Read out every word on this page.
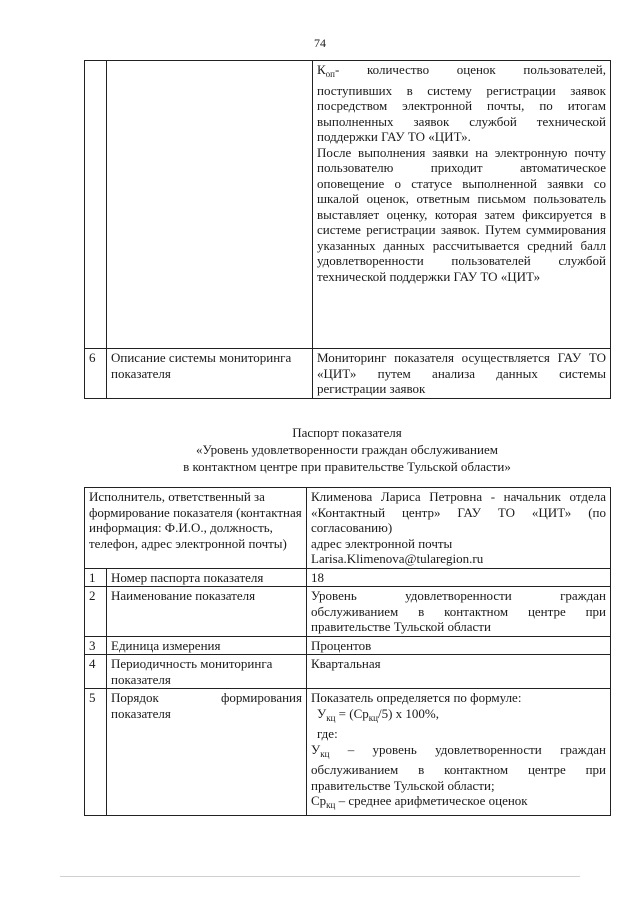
74

		$К_{оп}-$ количество оценок пользователей, поступивших в систему регистрации заявок посредством электронной почты, по итогам выполненных заявок службой технической поддержки ГАУ ТО «ЦИТ».
После выполнения заявки на электронную почту пользователю приходит автоматическое оповещение о статусе выполненной заявки со шкалой оценок, ответным письмом пользователь выставляет оценку, которая затем фиксируется в системе регистрации заявок. Путем суммирования указанных данных рассчитывается средний балл удовлетворенности пользователей службой технической поддержки ГАУ ТО «ЦИТ»

6	Описание системы мониторинга показателя	Мониторинг показателя осуществляется ГАУ ТО «ЦИТ» путем анализа данных системы регистрации заявок
Паспорт показателя
«Уровень удовлетворенности граждан обслуживанием
в контактном центре при правительстве Тульской области»
Исполнитель, ответственный за формирование показателя (контактная информация: Ф.И.О., должность, телефон, адрес электронной почты)		Клименова Лариса Петровна - начальник отдела «Контактный центр» ГАУ ТО «ЦИТ» (по согласованию)
адрес электронной почты
Larisa.Klimenova@tularegion.ru

1	Номер паспорта показателя	18
2	Наименование показателя	Уровень удовлетворенности граждан обслуживанием в контактном центре при правительстве Тульской области
3	Единица измерения	Процентов
4	Периодичность мониторинга показателя	Квартальная
5	Порядок формирования показателя	Показатель определяется по формуле:
$У_{кц} = (Ср_{кц}/5)$ x 100%,
где:
$У_{кц}$ – уровень удовлетворенности граждан обслуживанием в контактном центре при правительстве Тульской области;
$Ср_{кц}$ – среднее арифметическое оценок
